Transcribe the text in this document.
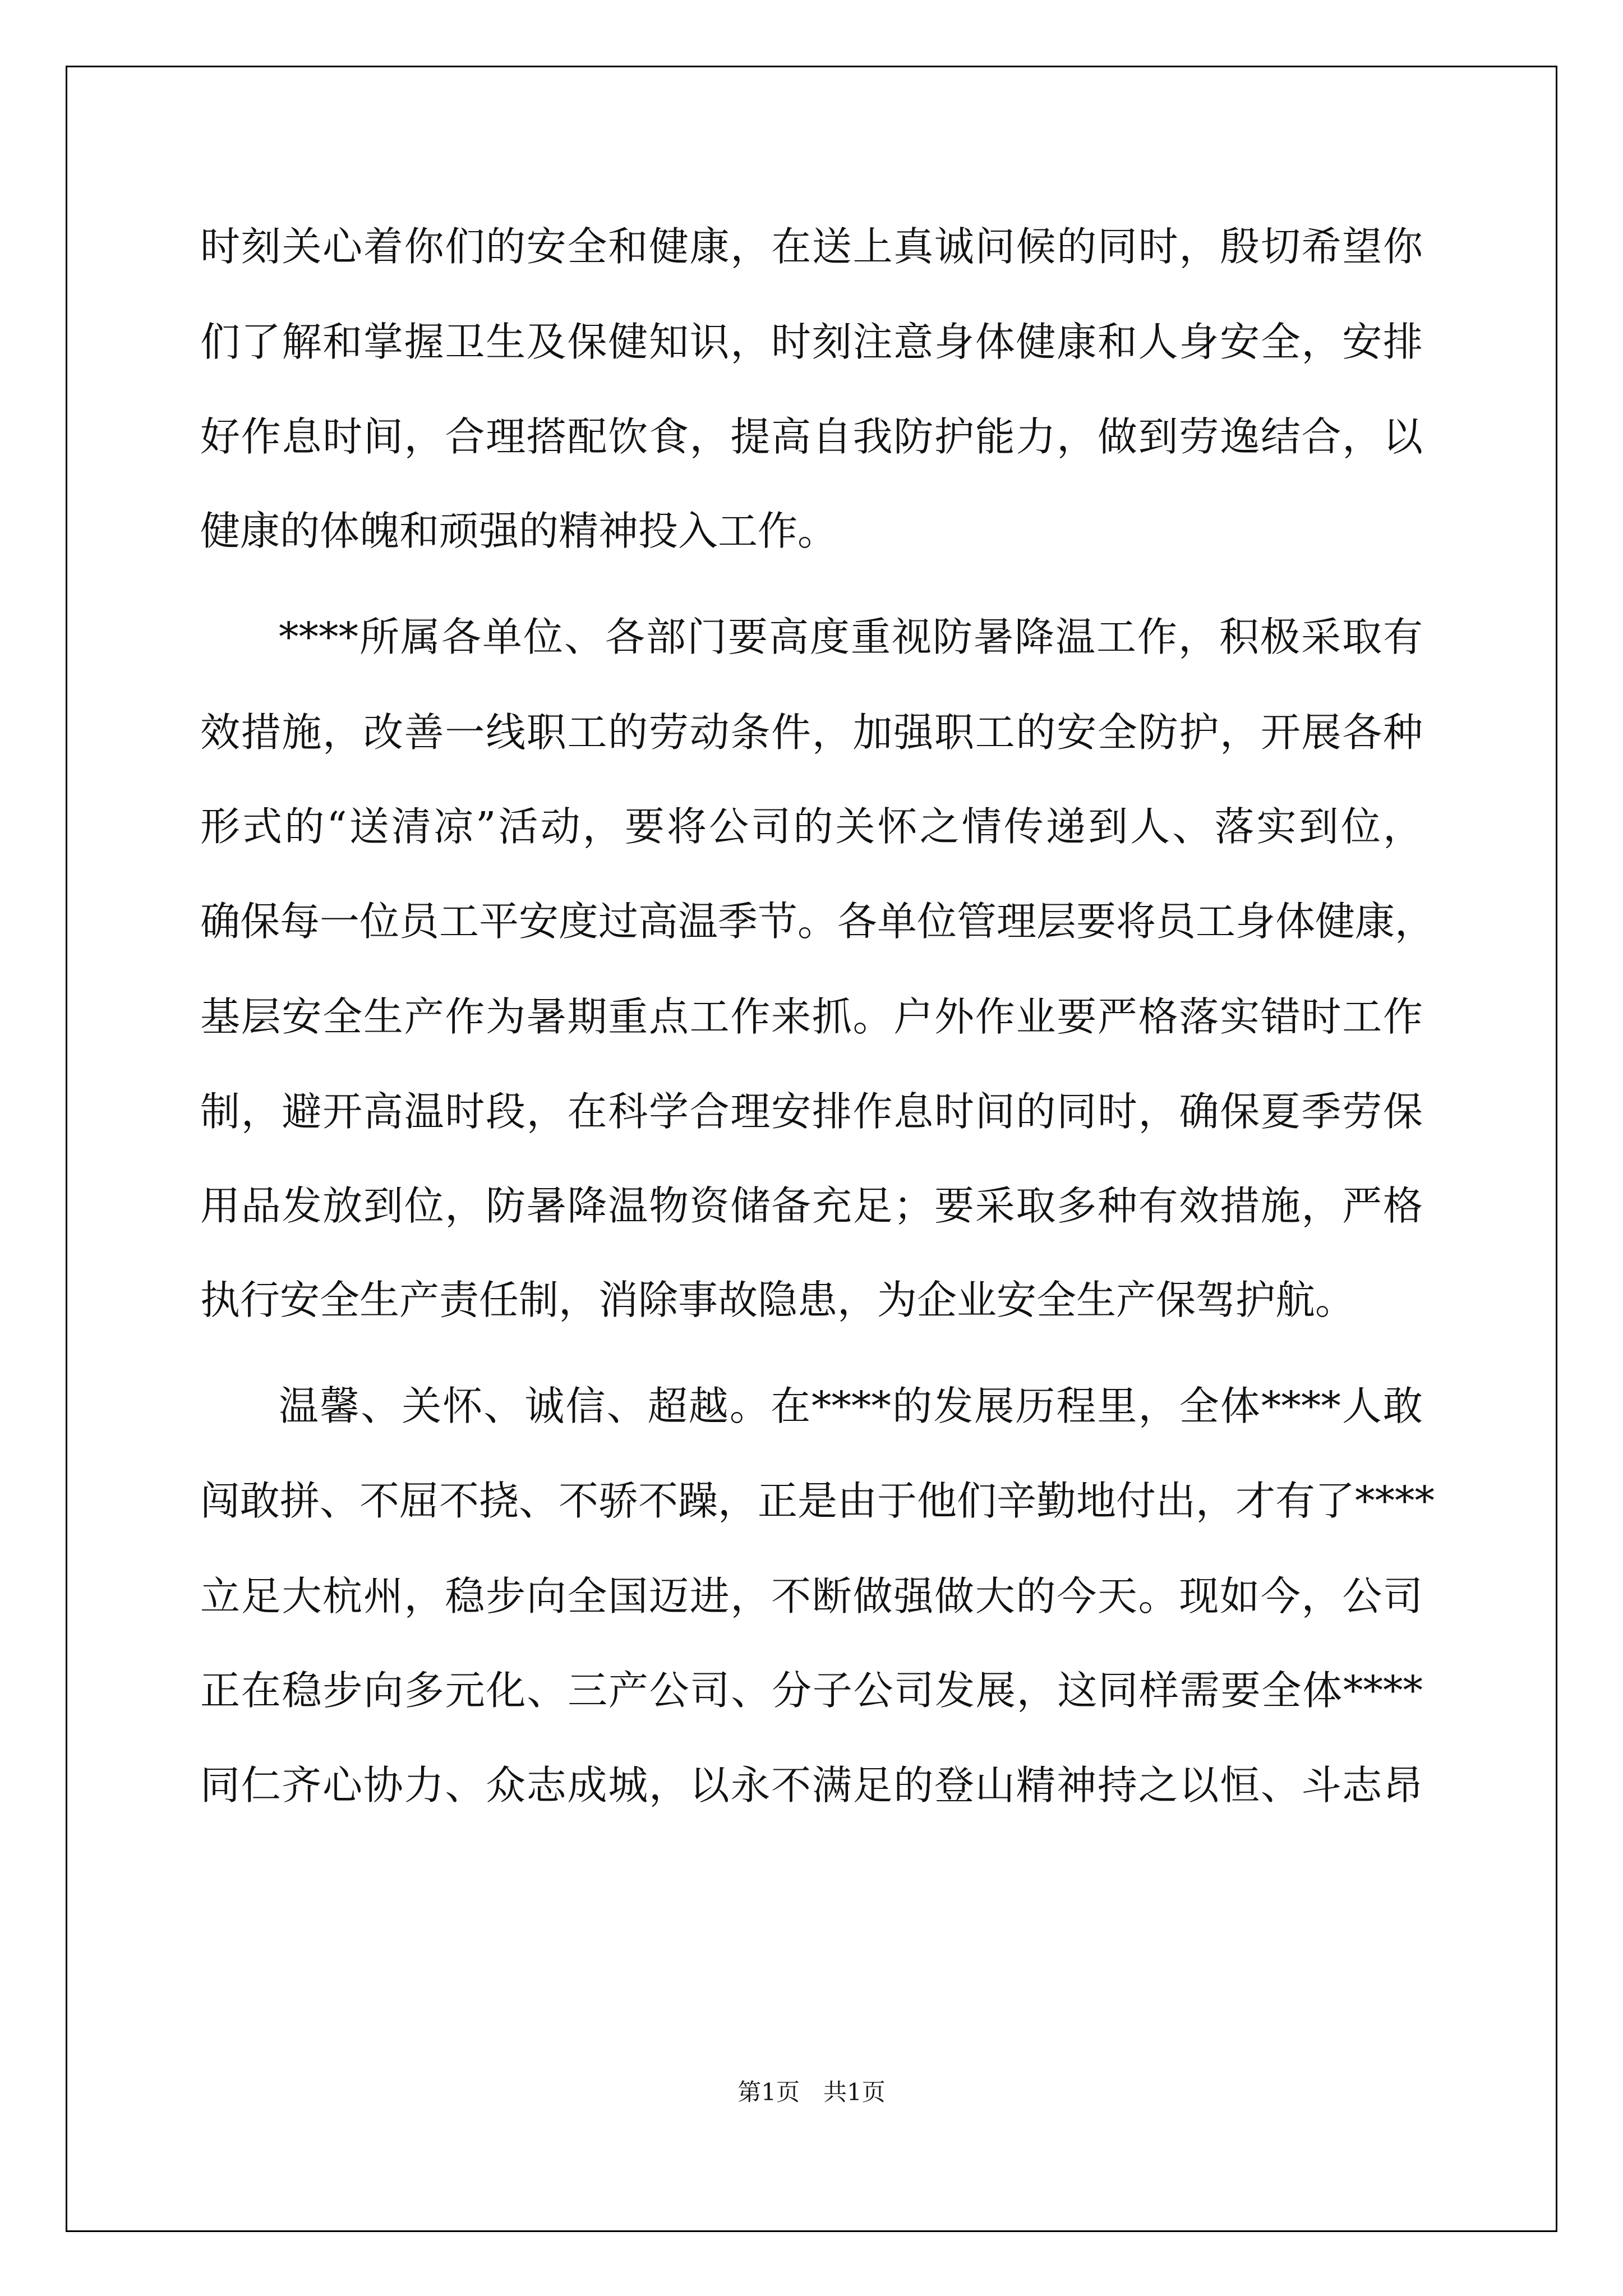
时刻关心着你们的安全和健康，在送上真诚问候的同时，殷切希望你

们了解和掌握卫生及保健知识，时刻注意身体健康和人身安全，安排

好作息时间，合理搭配饮食，提高自我防护能力，做到劳逸结合，以

健康的体魄和顽强的精神投入工作。

****所属各单位、各部门要高度重视防暑降温工作，积极采取有

效措施，改善一线职工的劳动条件，加强职工的安全防护，开展各种

形式的“送清凉”活动，要将公司的关怀之情传递到人、落实到位，

确保每一位员工平安度过高温季节。各单位管理层要将员工身体健康，

基层安全生产作为暑期重点工作来抓。户外作业要严格落实错时工作

制，避开高温时段，在科学合理安排作息时间的同时，确保夏季劳保

用品发放到位，防暑降温物资储备充足；要采取多种有效措施，严格

执行安全生产责任制，消除事故隐患，为企业安全生产保驾护航。

温馨、关怀、诚信、超越。在****的发展历程里，全体****人敢

闯敢拼、不屈不挠、不骄不躁，正是由于他们辛勤地付出，才有了****

立足大杭州，稳步向全国迈进，不断做强做大的今天。现如今，公司

正在稳步向多元化、三产公司、分子公司发展，这同样需要全体****

同仁齐心协力、众志成城，以永不满足的登山精神持之以恒、斗志昂

第1页　共1页
